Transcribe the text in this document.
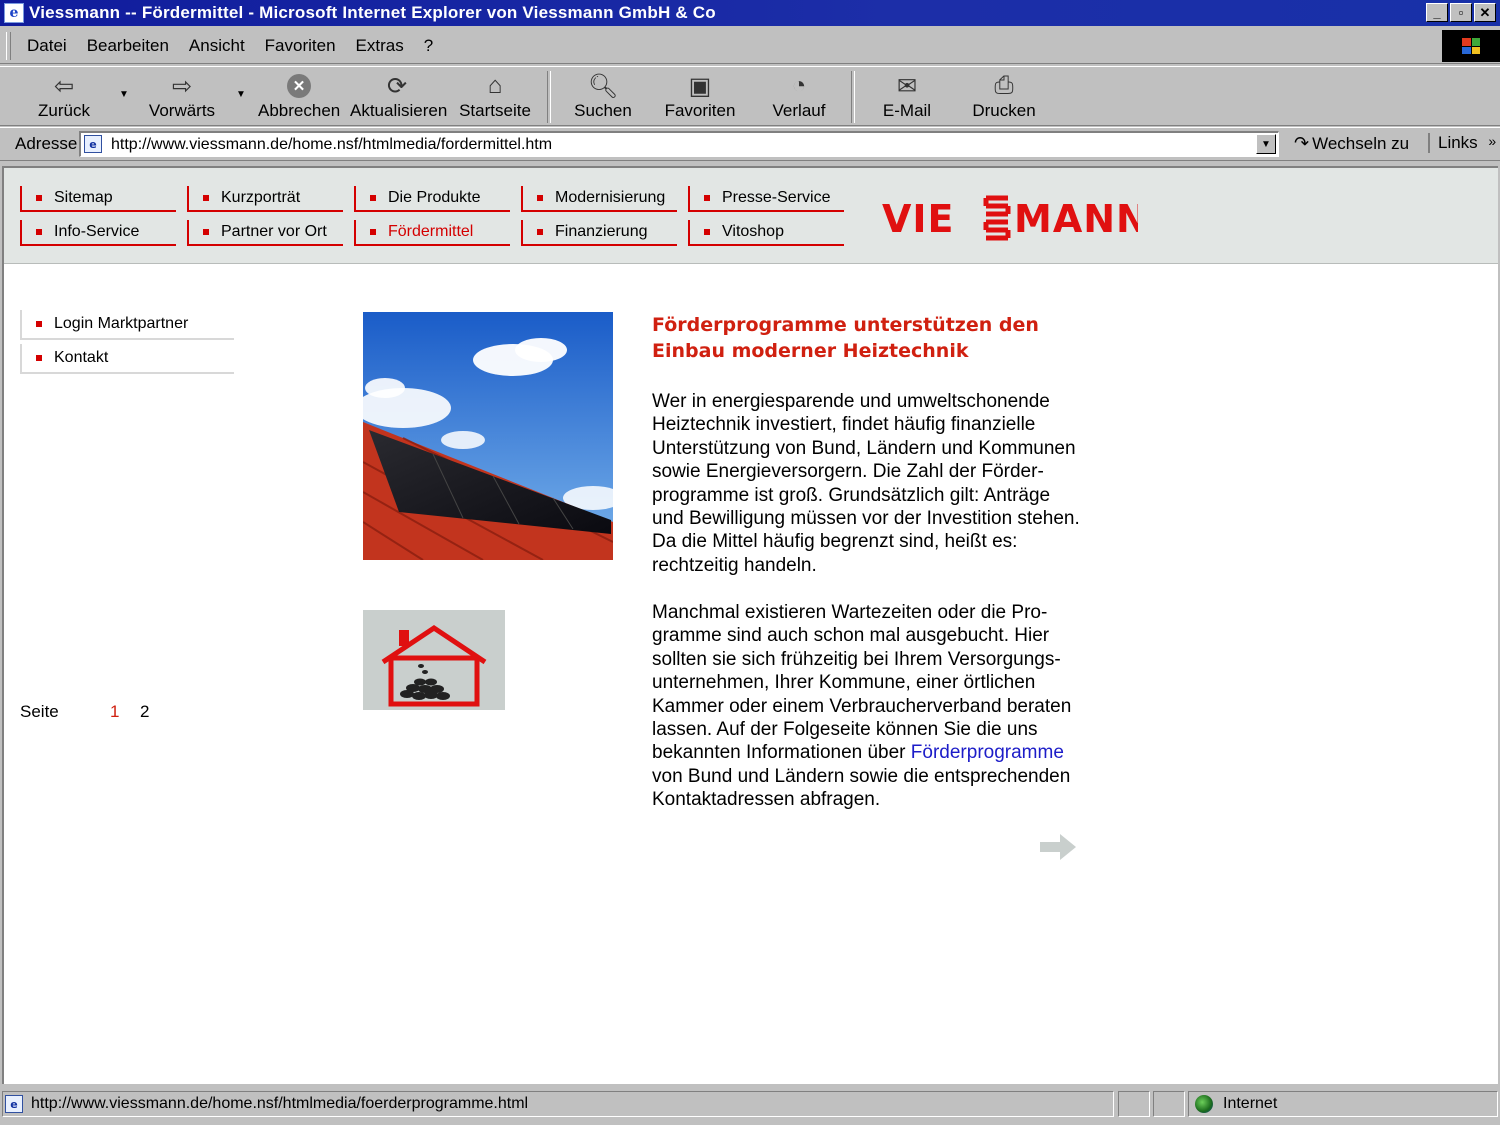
e Viessmann -- Fördermittel - Microsoft Internet Explorer von Viessmann GmbH & Co	_	▫	✕
Datei Bearbeiten Ansicht Favoriten Extras ?
⇦
Zurück
▼	⇨
Vorwärts
▼	✕
Abbrechen
⟳
Aktualisieren
⌂
Startseite
🔍︎
Suchen
▣
Favoriten
◔
Verlauf
✉
E-Mail
⎙
Drucken
Adresse	e http://www.viessmann.de/home.nsf/htmlmedia/fordermittel.htm	▼ ↷ Wechseln zu	Links »
Sitemap	Kurzporträt	Die Produkte	Modernisierung	Presse-Service
Info-Service	Partner vor Ort	Fördermittel	Finanzierung	Vitoshop	VIE MANN
Login Marktpartner
Kontakt
Förderprogramme unterstützen den Einbau moderner Heiztechnik
Wer in energiesparende und umweltschonende
Heiztechnik investiert, findet häufig finanzielle
Unterstützung von Bund, Ländern und Kommunen
sowie Energieversorgern. Die Zahl der Förder-
programme ist groß. Grundsätzlich gilt: Anträge
und Bewilligung müssen vor der Investition stehen.
Da die Mittel häufig begrenzt sind, heißt es:
rechtzeitig handeln.
Manchmal existieren Wartezeiten oder die Pro-
gramme sind auch schon mal ausgebucht. Hier
sollten sie sich frühzeitig bei Ihrem Versorgungs-
unternehmen, Ihrer Kommune, einer örtlichen
Kammer oder einem Verbraucherverband beraten
lassen. Auf der Folgeseite können Sie die uns
bekannten Informationen über Förderprogramme
von Bund und Ländern sowie die entsprechenden
Kontaktadressen abfragen.
Seite	1 2
e http://www.viessmann.de/home.nsf/htmlmedia/foerderprogramme.html	Internet
